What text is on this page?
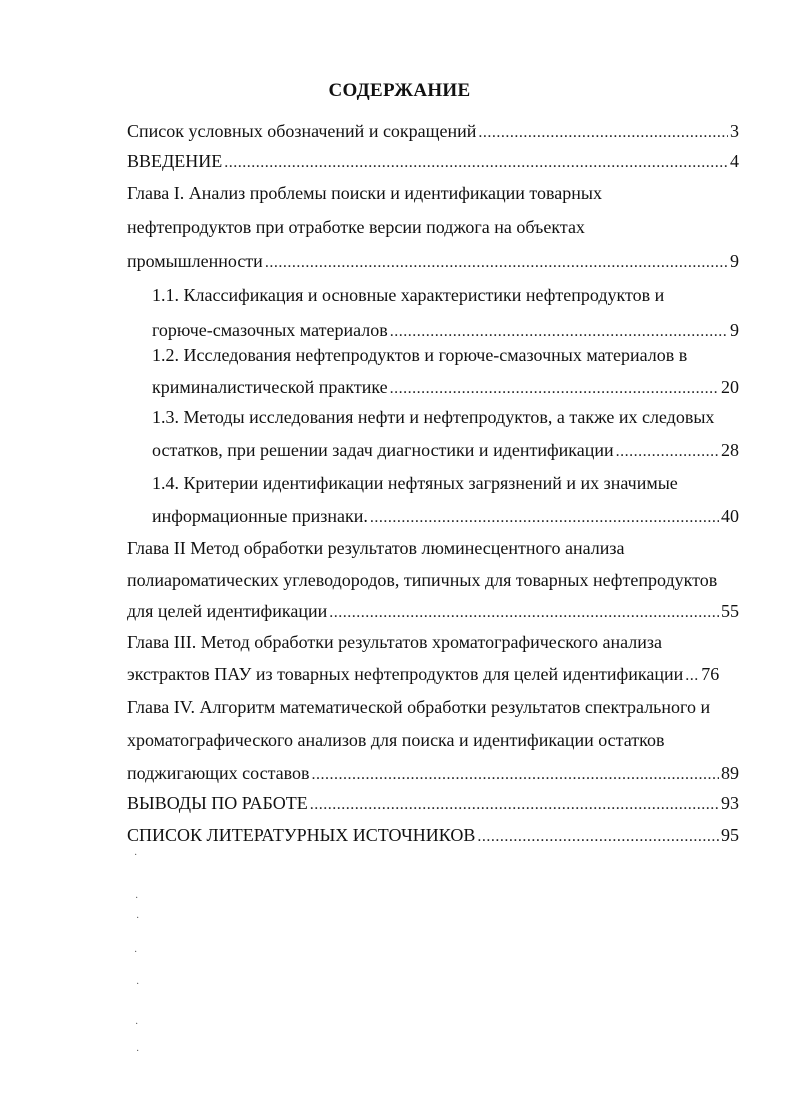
СОДЕРЖАНИЕ
Список условных обозначений и сокращений .....	3
ВВЕДЕНИЕ .....	4
Глава I. Анализ проблемы поиски и идентификации товарных
нефтепродуктов при отработке версии поджога на объектах
промышленности .....	9
1.1. Классификация и основные характеристики нефтепродуктов и
горюче-смазочных материалов .....	9
1.2. Исследования нефтепродуктов и горюче-смазочных материалов в
криминалистической практике .....	20
1.3. Методы исследования нефти и нефтепродуктов, а также их следовых
остатков, при решении задач диагностики и идентификации .....	28
1.4. Критерии идентификации нефтяных загрязнений и их значимые
информационные признаки. .....	40
Глава II Метод обработки результатов люминесцентного анализа
полиароматических углеводородов, типичных для товарных нефтепродуктов
для целей идентификации .....	55
Глава III. Метод обработки результатов хроматографического анализа
экстрактов ПАУ из товарных нефтепродуктов для целей идентификации ..... 76
Глава IV. Алгоритм математической обработки результатов спектрального и
хроматографического анализов для поиска и идентификации остатков
поджигающих составов .....	89
ВЫВОДЫ ПО РАБОТЕ .....	93
СПИСОК ЛИТЕРАТУРНЫХ ИСТОЧНИКОВ .....	95
·
·
·
·
·
·
·
